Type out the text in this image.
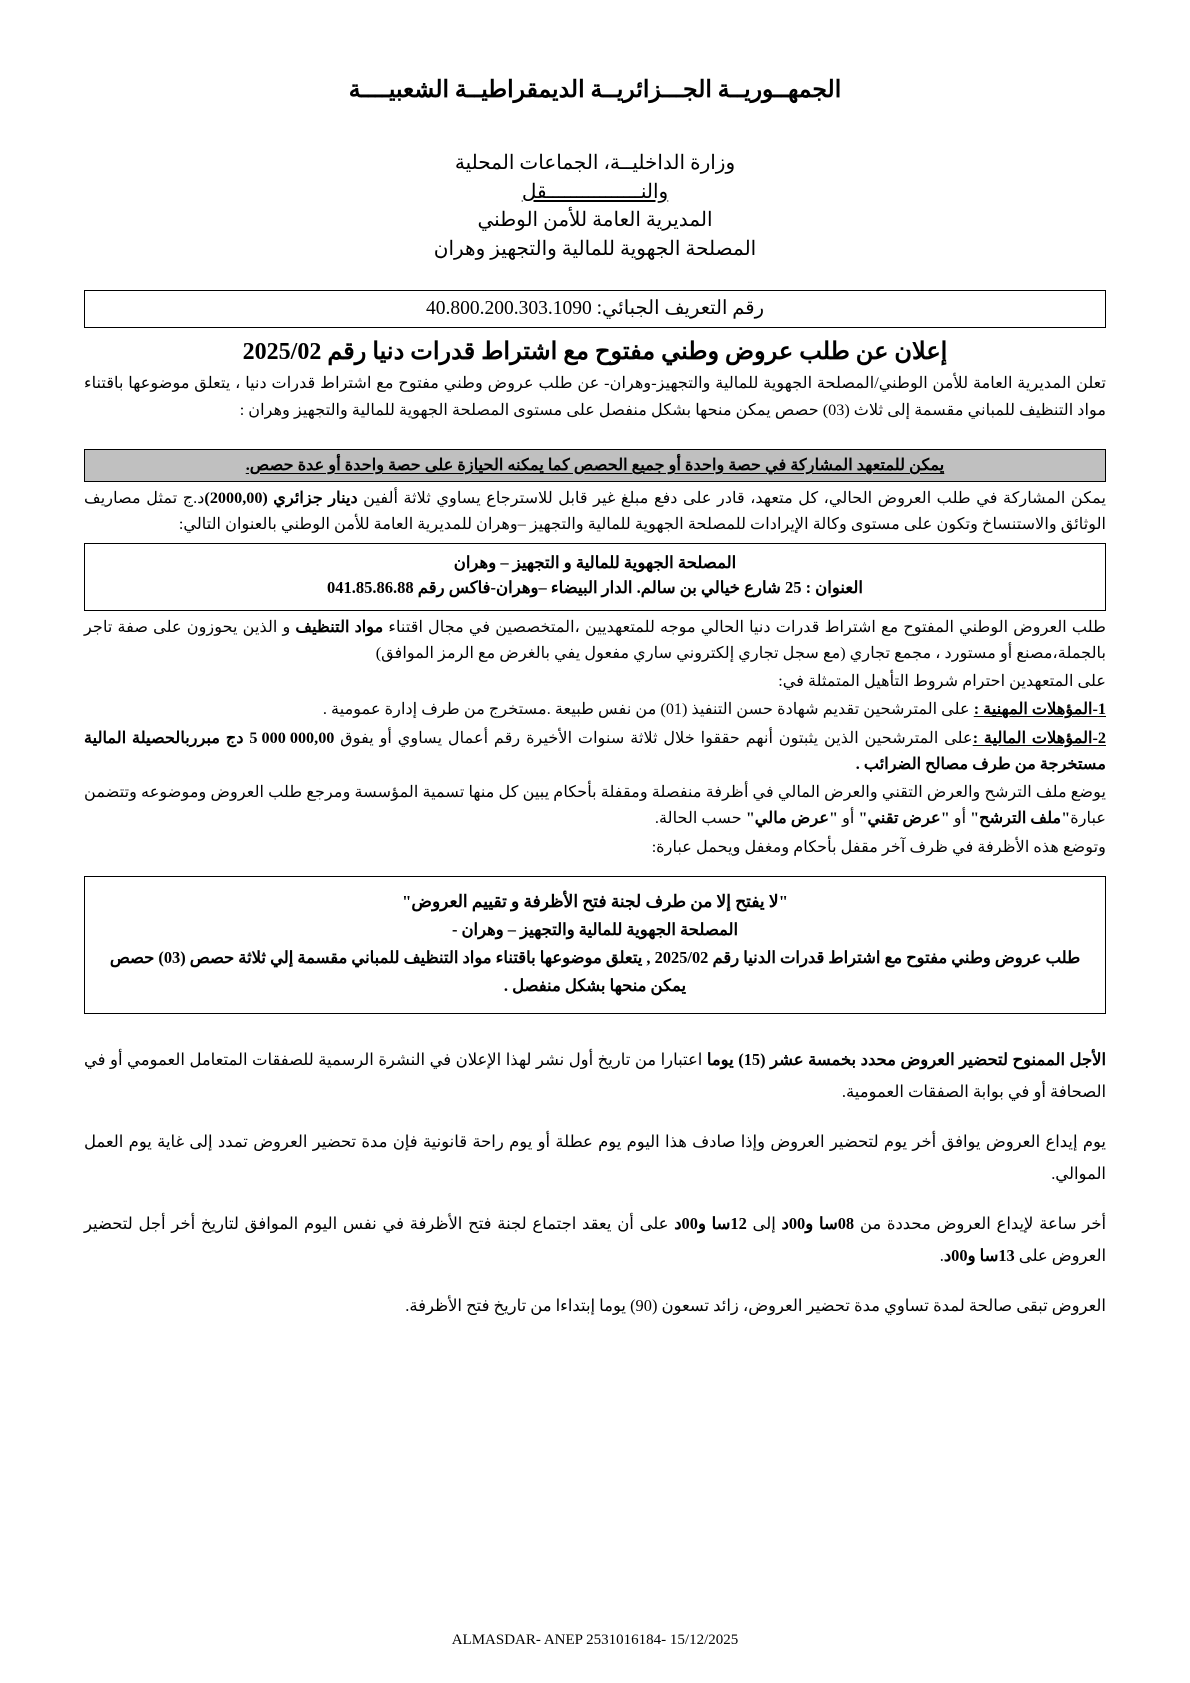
الجمهــوريــة الجـــزائريــة الديمقراطيــة الشعبيــــة
وزارة الداخليــة، الجماعات المحلية
والنــــــــــــــــقل
المديرية العامة للأمن الوطني
المصلحة الجهوية للمالية والتجهيز وهران
رقم التعريف الجبائي: 40.800.200.303.1090
إعلان عن طلب عروض وطني مفتوح مع اشتراط قدرات دنيا رقم 2025/02

تعلن المديرية العامة للأمن الوطني/المصلحة الجهوية للمالية والتجهيز-وهران- عن طلب عروض وطني مفتوح مع اشتراط قدرات دنيا ، يتعلق موضوعها باقتناء مواد التنظيف للمباني مقسمة إلى ثلاث (03) حصص يمكن منحها بشكل منفصل على مستوى المصلحة الجهوية للمالية والتجهيز وهران :

يمكن للمتعهد المشاركة في حصة واحدة أو جميع الحصص كما يمكنه الحيازة على حصة واحدة أو عدة حصص.

يمكن المشاركة في طلب العروض الحالي، كل متعهد، قادر على دفع مبلغ غير قابل للاسترجاع يساوي ثلاثة ألفين دينار جزائري (2000,00)د.ج تمثل مصاريف الوثائق والاستنساخ وتكون على مستوى وكالة الإيرادات للمصلحة الجهوية للمالية والتجهيز –وهران للمديرية العامة للأمن الوطني بالعنوان التالي:

المصلحة الجهوية للمالية و التجهيز – وهران
العنوان : 25 شارع خيالي بن سالم. الدار البيضاء –وهران-فاكس رقم 041.85.86.88

طلب العروض الوطني المفتوح مع اشتراط قدرات دنيا الحالي موجه للمتعهديين ،المتخصصين في مجال اقتناء مواد التنظيف و الذين يحوزون على صفة تاجر بالجملة،مصنع أو مستورد ، مجمع تجاري (مع سجل تجاري إلكتروني ساري مفعول يفي بالغرض مع الرمز الموافق)

على المتعهدين احترام شروط التأهيل المتمثلة في:

1-المؤهلات المهنية : على المترشحين تقديم شهادة حسن التنفيذ (01) من نفس طبيعة .مستخرج من طرف إدارة عمومية .

2-المؤهلات المالية :على المترشحين الذين يثبتون أنهم حققوا خلال ثلاثة سنوات الأخيرة رقم أعمال يساوي أو يفوق 5 000 000,00 دج مبرربالحصيلة المالية مستخرجة من طرف مصالح الضرائب .

يوضع ملف الترشح والعرض التقني والعرض المالي في أظرفة منفصلة ومقفلة بأحكام يبين كل منها تسمية المؤسسة ومرجع طلب العروض وموضوعه وتتضمن عبارة"ملف الترشح" أو "عرض تقني" أو "عرض مالي" حسب الحالة.

وتوضع هذه الأظرفة في ظرف آخر مقفل بأحكام ومغفل ويحمل عبارة:

"لا يفتح إلا من طرف لجنة فتح الأظرفة و تقييم العروض"
المصلحة الجهوية للمالية والتجهيز – وهران -
طلب عروض وطني مفتوح مع اشتراط قدرات الدنيا رقم 2025/02 , يتعلق موضوعها باقتناء مواد التنظيف للمباني مقسمة إلي ثلاثة حصص (03) حصص يمكن منحها بشكل منفصل .

الأجل الممنوح لتحضير العروض محدد بخمسة عشر (15) يوما اعتبارا من تاريخ أول نشر لهذا الإعلان في النشرة الرسمية للصفقات المتعامل العمومي أو في الصحافة أو في بوابة الصفقات العمومية.

يوم إيداع العروض يوافق أخر يوم لتحضير العروض وإذا صادف هذا اليوم يوم عطلة أو يوم راحة قانونية فإن مدة تحضير العروض تمدد إلى غاية يوم العمل الموالي.

أخر ساعة لإيداع العروض محددة من 08سا و00د إلى 12سا و00د على أن يعقد اجتماع لجنة فتح الأظرفة في نفس اليوم الموافق لتاريخ أخر أجل لتحضير العروض على 13سا و00د.

العروض تبقى صالحة لمدة تساوي مدة تحضير العروض، زائد تسعون (90) يوما إبتداءا من تاريخ فتح الأظرفة.

ALMASDAR- ANEP 2531016184- 15/12/2025
